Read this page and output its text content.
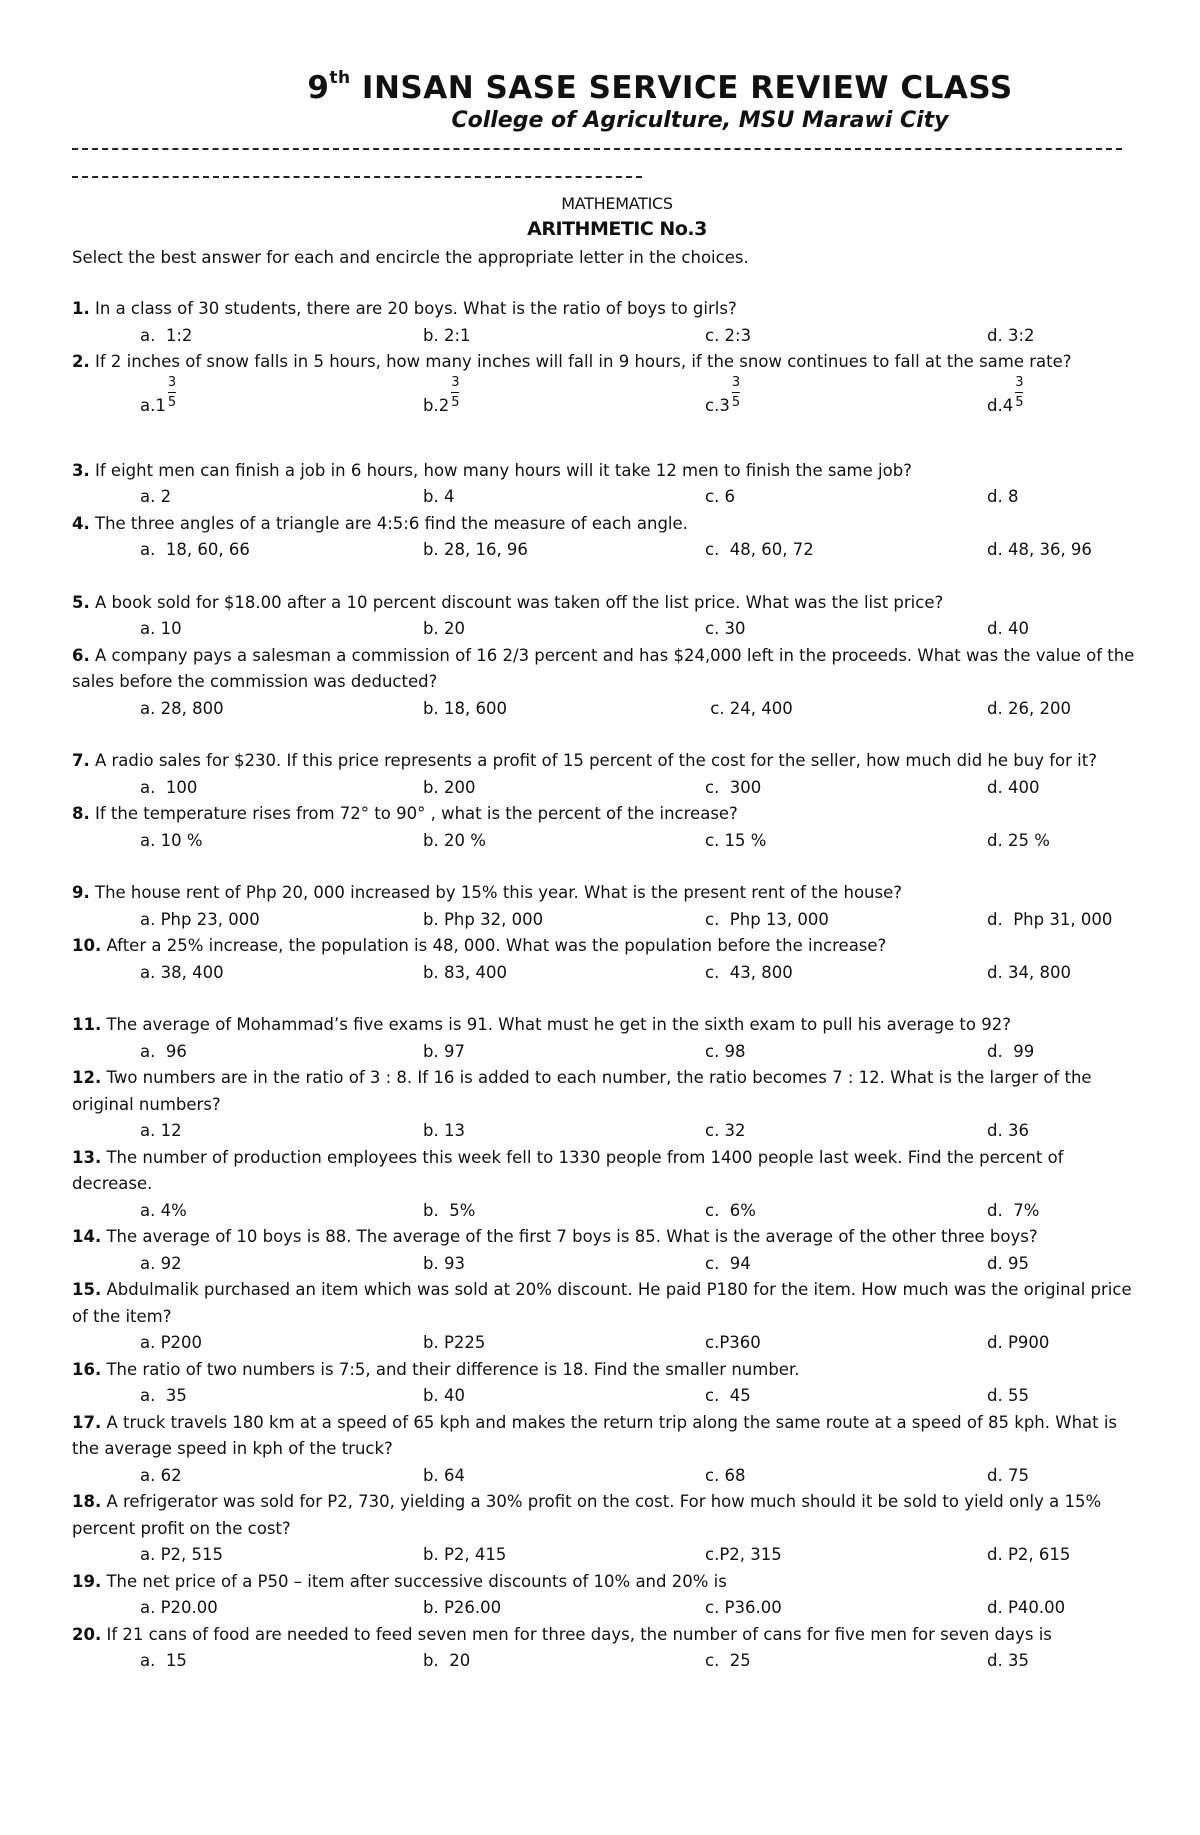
9th INSAN SASE SERVICE REVIEW CLASS
College of Agriculture, MSU Marawi City
MATHEMATICS
ARITHMETIC No.3
Select the best answer for each and encircle the appropriate letter in the choices.
1. In a class of 30 students, there are 20 boys. What is the ratio of boys to girls?
a.  1:2	b. 2:1	c. 2:3	d. 3:2
2. If 2 inches of snow falls in 5 hours, how many inches will fall in 9 hours, if the snow continues to fall at the same rate?
$a.1 \frac{3}{5}$	$b.2 \frac{3}{5}$	$c.3 \frac{3}{5}$	$d.4 \frac{3}{5}$
3. If eight men can finish a job in 6 hours, how many hours will it take 12 men to finish the same job?
a. 2	b. 4	c. 6	d. 8
4. The three angles of a triangle are 4:5:6 find the measure of each angle.
a.  18, 60, 66	b. 28, 16, 96	c.  48, 60, 72	d. 48, 36, 96
5. A book sold for $18.00 after a 10 percent discount was taken off the list price. What was the list price?
a. 10	b. 20	c. 30	d. 40
6. A company pays a salesman a commission of 16 2/3 percent and has $24,000 left in the proceeds. What was the value of the sales before the commission was deducted?
a. 28, 800	b. 18, 600	c. 24, 400	d. 26, 200
7. A radio sales for $230. If this price represents a profit of 15 percent of the cost for the seller, how much did he buy for it?
a.  100	b. 200	c.  300	d. 400
8. If the temperature rises from 72° to 90° , what is the percent of the increase?
a. 10 %	b. 20 %	c. 15 %	d. 25 %
9. The house rent of Php 20, 000 increased by 15% this year. What is the present rent of the house?
a. Php 23, 000	b. Php 32, 000	c.  Php 13, 000	d.  Php 31, 000
10. After a 25% increase, the population is 48, 000. What was the population before the increase?
a. 38, 400	b. 83, 400	c.  43, 800	d. 34, 800
11. The average of Mohammad’s five exams is 91. What must he get in the sixth exam to pull his average to 92?
a.  96	b. 97	c. 98	d.  99
12. Two numbers are in the ratio of 3 : 8. If 16 is added to each number, the ratio becomes 7 : 12. What is the larger of the original numbers?
a. 12	b. 13	c. 32	d. 36
13. The number of production employees this week fell to 1330 people from 1400 people last week. Find the percent of decrease.
a. 4%	b.  5%	c.  6%	d.  7%
14. The average of 10 boys is 88. The average of the first 7 boys is 85. What is the average of the other three boys?
a. 92	b. 93	c.  94	d. 95
15. Abdulmalik purchased an item which was sold at 20% discount. He paid P180 for the item. How much was the original price of the item?
a. P200	b. P225	c.P360	d. P900
16. The ratio of two numbers is 7:5, and their difference is 18. Find the smaller number.
a.  35	b. 40	c.  45	d. 55
17. A truck travels 180 km at a speed of 65 kph and makes the return trip along the same route at a speed of 85 kph. What is the average speed in kph of the truck?
a. 62	b. 64	c. 68	d. 75
18. A refrigerator was sold for P2, 730, yielding a 30% profit on the cost. For how much should it be sold to yield only a 15% percent profit on the cost?
a. P2, 515	b. P2, 415	c.P2, 315	d. P2, 615
19. The net price of a P50 – item after successive discounts of 10% and 20% is
a. P20.00	b. P26.00	c. P36.00	d. P40.00
20. If 21 cans of food are needed to feed seven men for three days, the number of cans for five men for seven days is
a.  15	b.  20	c.  25	d. 35
